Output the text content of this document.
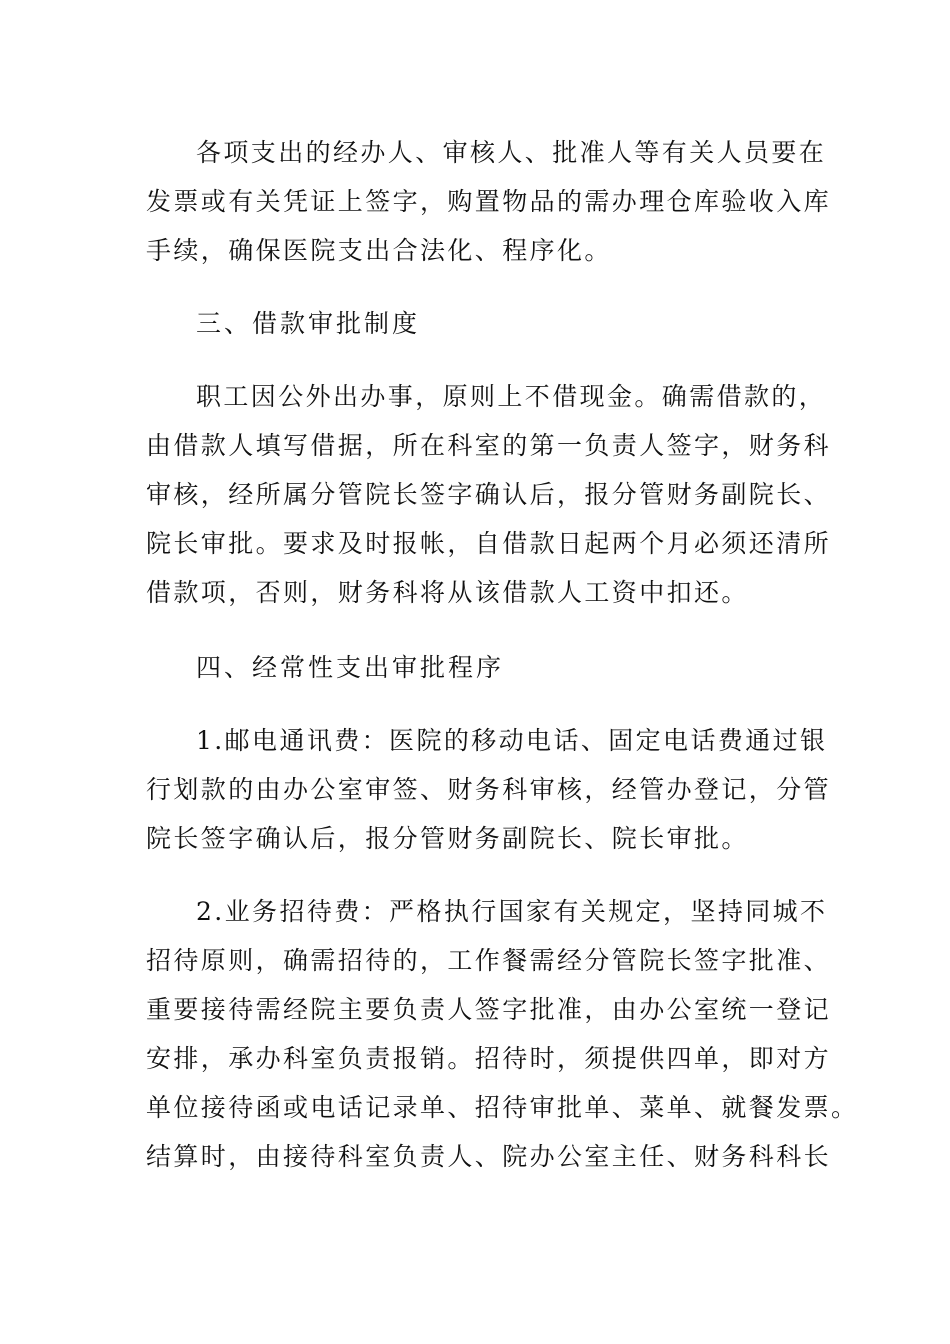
各项支出的经办人、审核人、批准人等有关人员要在
发票或有关凭证上签字，购置物品的需办理仓库验收入库
手续，确保医院支出合法化、程序化。
三、借款审批制度
职工因公外出办事，原则上不借现金。确需借款的，
由借款人填写借据，所在科室的第一负责人签字，财务科
审核，经所属分管院长签字确认后，报分管财务副院长、
院长审批。要求及时报帐，自借款日起两个月必须还清所
借款项，否则，财务科将从该借款人工资中扣还。
四、经常性支出审批程序
1.邮电通讯费：医院的移动电话、固定电话费通过银
行划款的由办公室审签、财务科审核，经管办登记，分管
院长签字确认后，报分管财务副院长、院长审批。
2.业务招待费：严格执行国家有关规定，坚持同城不
招待原则，确需招待的，工作餐需经分管院长签字批准、
重要接待需经院主要负责人签字批准，由办公室统一登记
安排，承办科室负责报销。招待时，须提供四单，即对方
单位接待函或电话记录单、招待审批单、菜单、就餐发票。
结算时，由接待科室负责人、院办公室主任、财务科科长
